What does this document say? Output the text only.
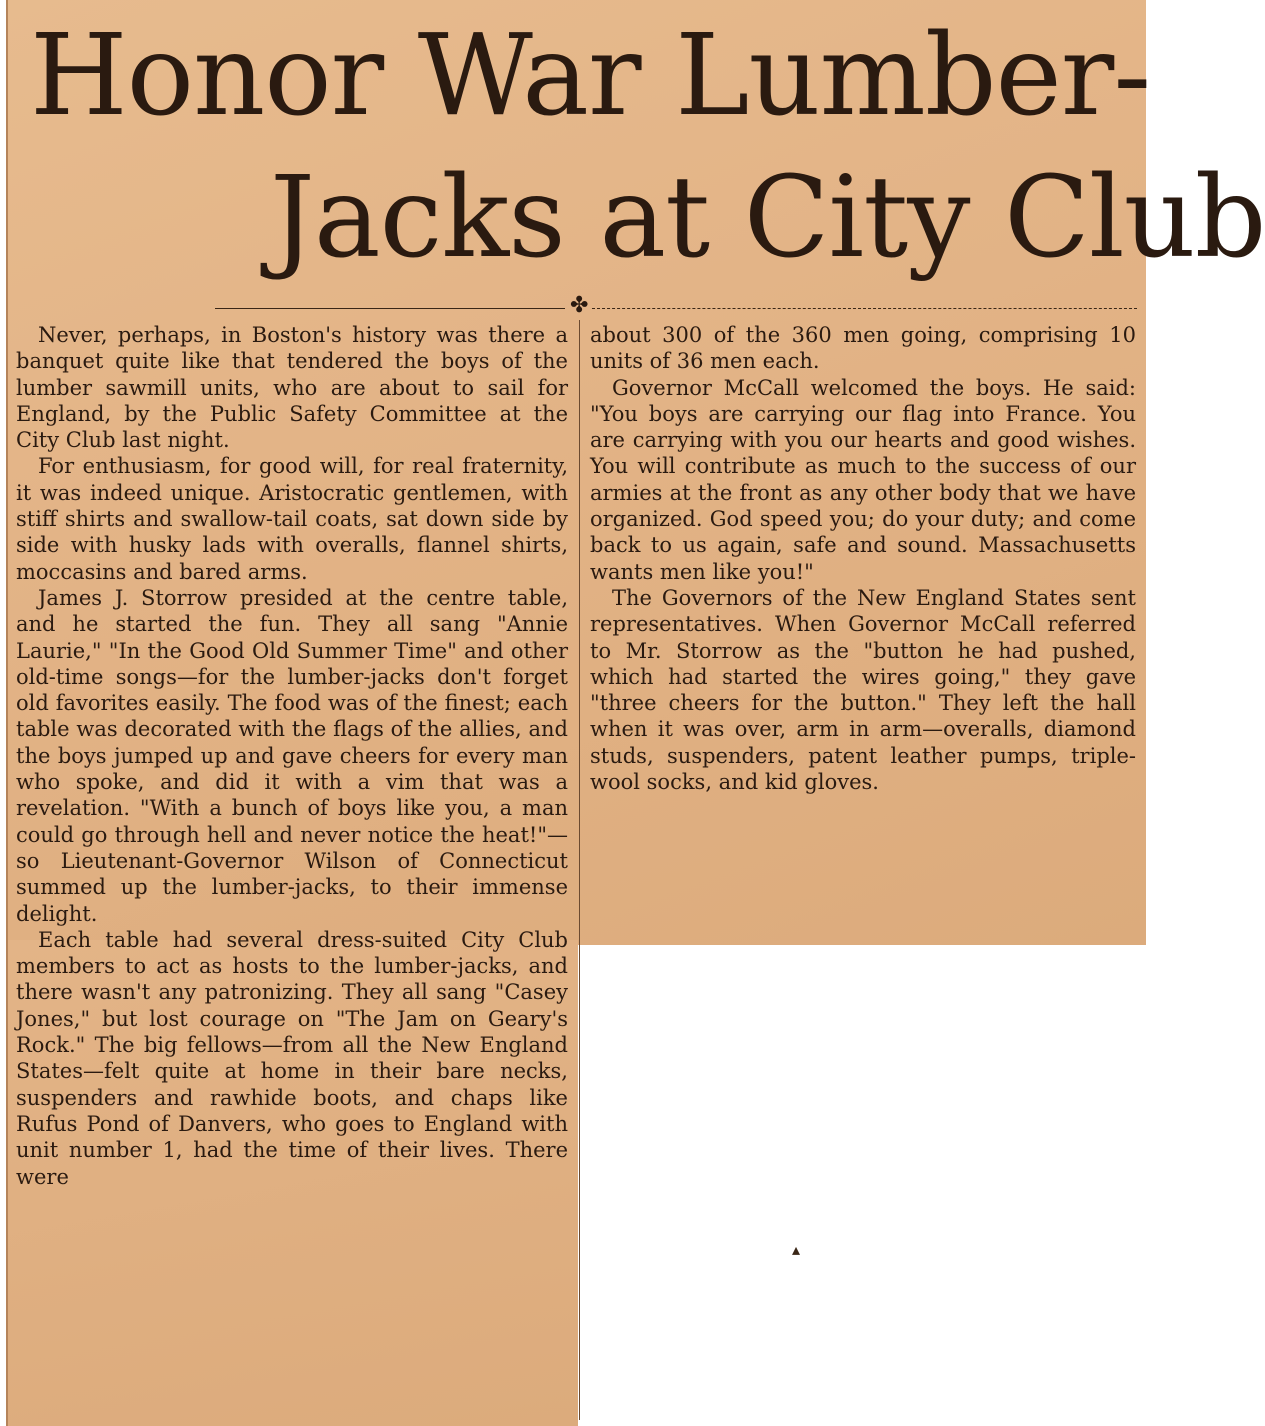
Honor War Lumber-
Jacks at City Club
✤

Never, perhaps, in Boston's history was there a banquet quite like that tendered the boys of the lumber sawmill units, who are about to sail for England, by the Public Safety Committee at the City Club last night.

For enthusiasm, for good will, for real fraternity, it was indeed unique. Aristocratic gentlemen, with stiff shirts and swallow-tail coats, sat down side by side with husky lads with overalls, flannel shirts, moccasins and bared arms.

James J. Storrow presided at the centre table, and he started the fun. They all sang "Annie Laurie," "In the Good Old Summer Time" and other old-time songs—for the lumber-jacks don't forget old favorites easily. The food was of the finest; each table was decorated with the flags of the allies, and the boys jumped up and gave cheers for every man who spoke, and did it with a vim that was a revelation. "With a bunch of boys like you, a man could go through hell and never notice the heat!"—so Lieutenant-Governor Wilson of Connecticut summed up the lumber-jacks, to their immense delight.

Each table had several dress-suited City Club members to act as hosts to the lumber-jacks, and there wasn't any patronizing. They all sang "Casey Jones," but lost courage on "The Jam on Geary's Rock." The big fellows—from all the New England States—felt quite at home in their bare necks, suspenders and rawhide boots, and chaps like Rufus Pond of Danvers, who goes to England with unit number 1, had the time of their lives. There were

about 300 of the 360 men going, comprising 10 units of 36 men each.

Governor McCall welcomed the boys. He said: "You boys are carrying our flag into France. You are carrying with you our hearts and good wishes. You will contribute as much to the success of our armies at the front as any other body that we have organized. God speed you; do your duty; and come back to us again, safe and sound. Massachusetts wants men like you!"

The Governors of the New England States sent representatives. When Governor McCall referred to Mr. Storrow as the "button he had pushed, which had started the wires going," they gave "three cheers for the button." They left the hall when it was over, arm in arm—overalls, diamond studs, suspenders, patent leather pumps, triple-wool socks, and kid gloves.

▴
